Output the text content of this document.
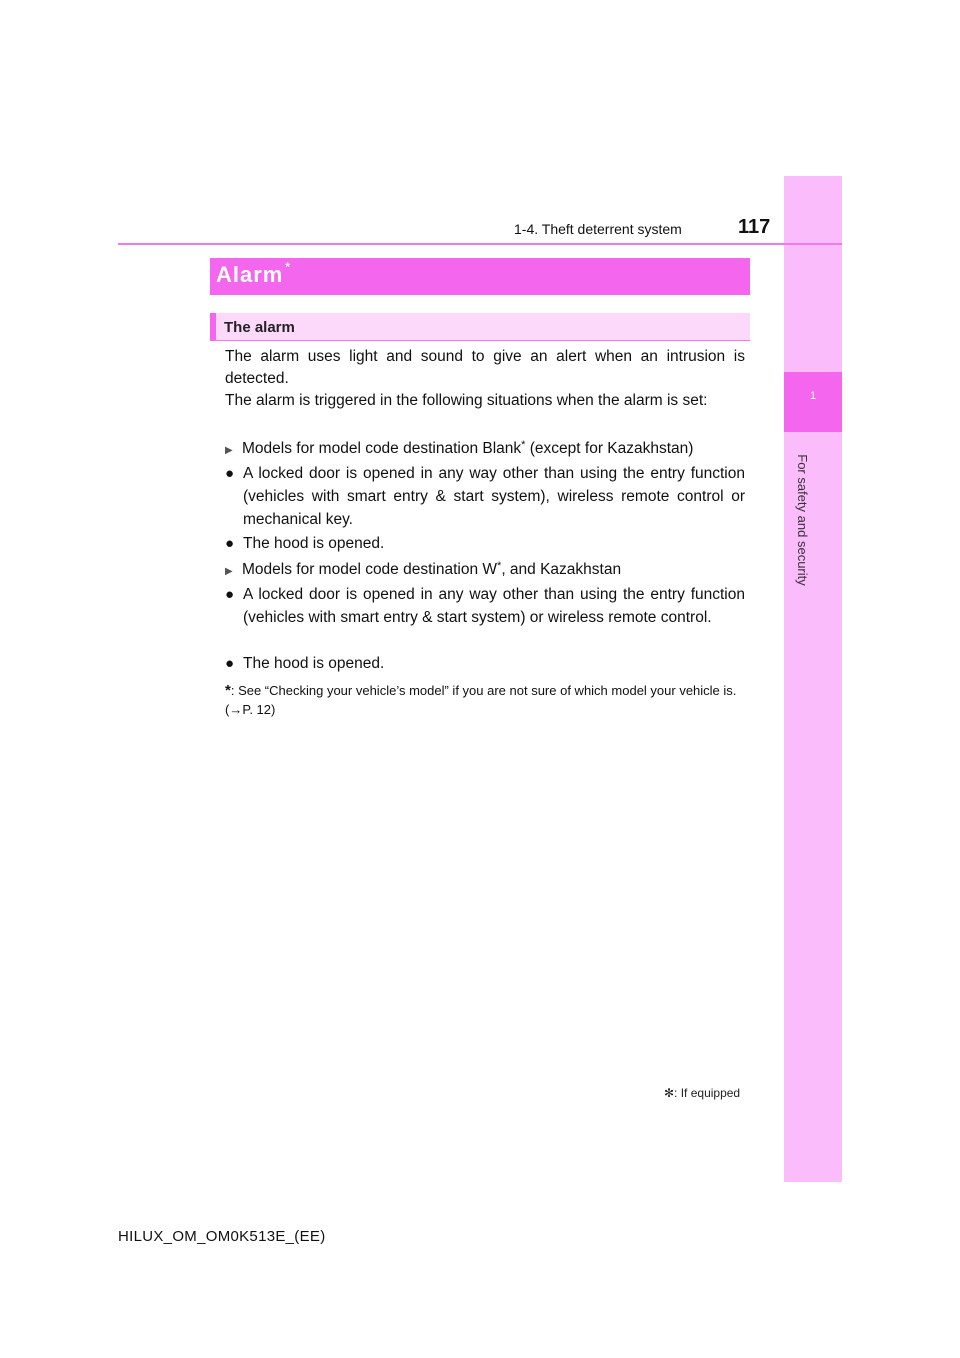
1
For safety and security
1-4. Theft deterrent system	117
Alarm *
The alarm
The alarm uses light and sound to give an alert when an intrusion is detected.
The alarm is triggered in the following situations when the alarm is set:
▶ Models for model code destination Blank* (except for Kazakhstan)
● A locked door is opened in any way other than using the entry function (vehicles with smart entry & start system), wireless remote control or mechanical key.
● The hood is opened.
▶ Models for model code destination W*, and Kazakhstan
● A locked door is opened in any way other than using the entry function (vehicles with smart entry & start system) or wireless remote control.
● The hood is opened.
*: See “Checking your vehicle’s model” if you are not sure of which model your vehicle is. (→P. 12)
✻: If equipped
HILUX_OM_OM0K513E_(EE)
